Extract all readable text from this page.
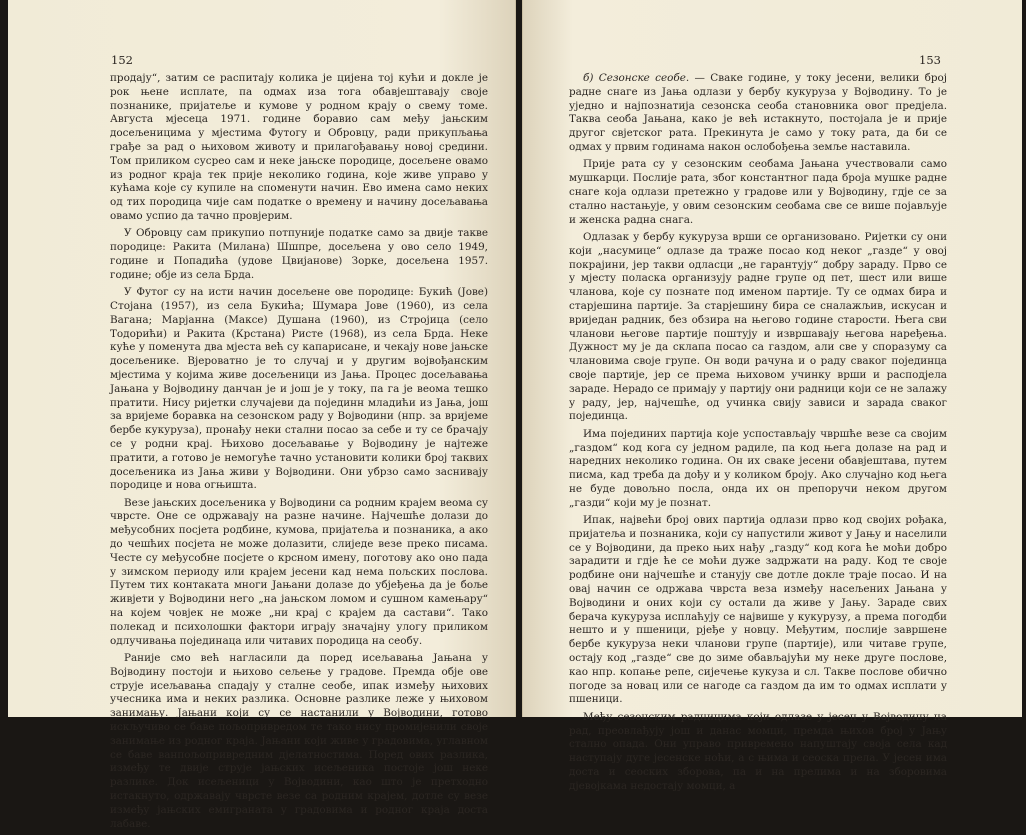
152

продају“, затим се распитају колика је цијена тој кући и докле је рок њене исплате, па одмах иза тога обавјештавају своје познанике, пријатеље и кумове у родном крају о свему томе. Августа мјесеца 1971. године боравио сам међу јањским досељеницима у мјестима Футогу и Обровцу, ради прикупљања грађе за рад о њиховом животу и прилагођавању новој средини. Том приликом сусрео сам и неке јањске породице, досељене овамо из родног краја тек прије неколико година, које живе управо у кућама које су купиле на споменути начин. Ево имена само неких од тих породица чије сам податке о времену и начину досељавања овамо успио да тачно провјерим.

У Обровцу сам прикупио потпуније податке само за двије такве породице: Ракита (Милана) Шшпре, досељена у ово село 1949, године и Попадића (удове Цвијанове) Зорке, досељена 1957. године; обје из села Брда.

У Футог су на исти начин досељене ове породице: Букић (Јове) Стојана (1957), из села Букића; Шумара Јове (1960), из села Вагана; Марјанна (Максе) Душана (1960), из Стројица (село Тодорићи) и Ракита (Крстана) Ристе (1968), из села Брда. Неке куће у поменута два мјеста већ су капарисане, и чекају нове јањске досељенике. Вјероватно је то случај и у другим војвођанским мјестима у којима живе досељеници из Јања. Процес досељавања Јањана у Војводину данчан је и још је у току, па га је веома тешко пратити. Нису ријетки случајеви да појединн младићи из Јања, још за вријеме боравка на сезонском раду у Војводини (нпр. за вријеме бербе кукуруза), пронађу неки стални посао за себе и ту се брачају се у родни крај. Њихово досељавање у Војводину је најтеже пратити, а готово је немогуће тачно установити колики број таквих досељеника из Јања живи у Војводини. Они убрзо само заснивају породице и нова огњишта.

Везе јањских досељеника у Војводини са родним крајем веома су чврсте. Оне се одржавају на разне начине. Најчешће долази до међусобних посјета родбине, кумова, пријатеља и познаника, а ако до чешћих посјета не може долазити, слиједе везе преко писама. Честе су међусобне посјете о крсном имену, поготову ако оно пада у зимском периоду или крајем јесени кад нема пољских послова. Путем тих контаката многи Јањани долазе до убјеђења да је боље живјети у Војводини него „на јањском ломом и сушном камењару“ на којем човјек не може „ни крај с крајем да састави“. Тако полекад и психолошки фактори играју значајну улогу приликом одлучивања појединаца или читавих породица на сеобу.

Раније смо већ нагласили да поред исељавања Јањана у Војводину постоји и њихово сељење у градове. Премда обје ове струје исељавања спадају у сталне сеобе, ипак између њихових учесника има и неких разлика. Основне разлике леже у њиховом занимању. Јањани који су се настанили у Војводини, готово искључиво се баве пољопривредом те тако нису промијенили своје занимање из родног краја. Јањани који живе у градовима, углавном се баве ванпољопривредним дјелатностима. Поред ових разлика, између те двије струје јањских исељеника постоје још неке разлике. Док исељеници у Војводини, као што је претходно истакнуто, одржавају чврсте везе са родним крајем, дотле су везе између јањских емиграната у градовима и родног краја доста лабаве.

153

б) Сезонске сеобе. — Сваке године, у току јесени, велики број радне снаге из Јања одлази у бербу кукуруза у Војводину. То је уједно и најпознатија сезонска сеоба становника овог предјела. Таква сеоба Јањана, како је већ истакнуто, постојала је и прије другог свјетског рата. Прекинута је само у току рата, да би се одмах у првим годинама након ослобођења земље наставила.

Прије рата су у сезонским сеобама Јањана учествовали само мушкарци. Послије рата, због константног пада броја мушке радне снаге која одлази претежно у градове или у Војводину, гдје се за стално настањује, у овим сезонским сеобама све се више појављује и женска радна снага.

Одлазак у бербу кукуруза врши се организовано. Ријетки су они који „насумице“ одлазе да траже посао код некоr „газде“ у овој покрајини, јер такви одласци „не гарантују“ добру зараду. Прво се у мјесту поласка организују радне групе од пет, шест или више чланова, које су познате под именом партије. Ту се одмах бира и старјешина партије. За старјешину бира се сналажљив, искусан и вриједан радник, без обзира на његово године старости. Њега сви чланови његове партије поштују и извршавају његова наређења. Дужност му је да склапа посао са газдом, али све у споразуму са члановима своје групе. Он води рачуна и о раду сваког појединца своје партије, јер се према њиховом учинку врши и расподјела зараде. Нерадо се примају у партију они радници који се не залажу у раду, јер, најчешће, од учинка свију зависи и зарада сваког појединца.

Има појединих партија које успостављају чвршће везе са својим „газдом“ код кога су једном радиле, па код њега долазе на рад и наредних неколико година. Он их сваке јесени обавјештава, путем писма, кад треба да дођу и у коликом броју. Ако случајно код њега не буде довољно посла, онда их он препоручи неком другом „газди“ који му је познат.

Ипак, највећи број ових партија одлази прво код својих рођака, пријатеља и познаника, који су напустили живот у Јању и населили се у Војводини, да преко њих нађу „газду“ код кога ће моћи добро зарадити и гдје ће се моћи дуже задржати на раду. Код те своје родбине они најчешће и станују све дотле докле траје посао. И на овај начин се одржава чврста веза између насељених Јањана у Војводини и оних који су остали да живе у Јању. Зараде свих берача кукуруза исплаћују се највише у кукурузу, а према погодби нешто и у пшеници, рјеђе у новцу. Међутим, послије завршене бербе кукуруза неки чланови групе (партије), или читаве групе, остају код „газде“ све до зиме обављајући му неке друге послове, као нпр. копање репе, сијечење кукуза и сл. Такве послове обично погоде за новац или се нагоде са газдом да им то одмах исплати у пшеници.

Међу сезонским радницима који одлазе у јесен у Војводину на рад, преовлађују још и данас момци, премда њихов број у Јању стално опада. Они управо привремено напуштају своја села кад наступају дуге јесенске ноћи, а с њима и сеоска прела. У јесен има доста и сеоских зборова, па и на прелима и на зборовима дјевојкама недостају момци, а
